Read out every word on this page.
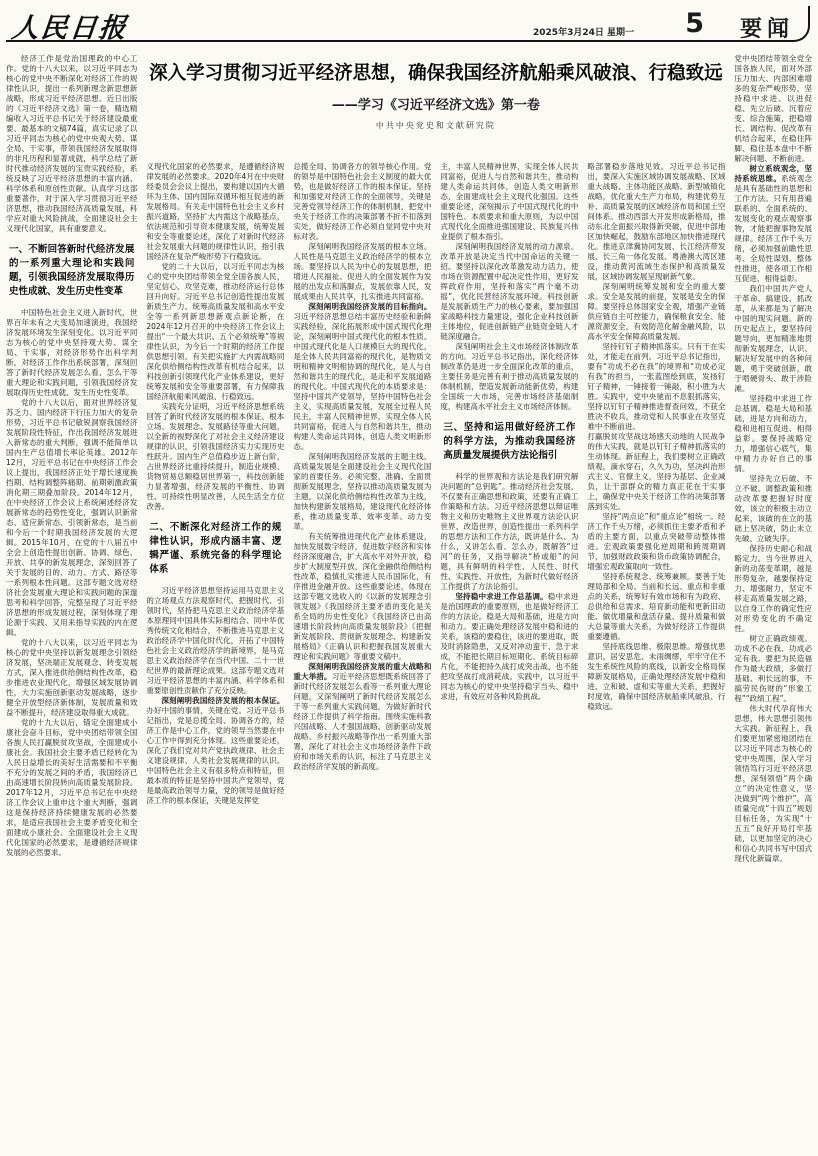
人民日报	2025年3月24日 星期一 5 要闻

经济工作是党治国理政的中心工作。党的十八大以来，以习近平同志为核心的党中央不断深化对经济工作的规律性认识，提出一系列新理念新思想新战略，形成习近平经济思想。近日出版的《习近平经济文选》第一卷，精选精编收入习近平总书记关于经济建设最重要、最基本的文稿74篇，真实记录了以习近平同志为核心的党中央观大势、谋全局、干实事，带领我国经济发展取得的非凡历程和显著成就，科学总结了新时代推动经济发展的宝贵实践经验，系统反映了习近平经济思想的丰富内涵、科学体系和原创性贡献。认真学习这部重要著作，对于深入学习贯彻习近平经济思想，推动我国经济高质量发展，科学应对重大风险挑战，全面建设社会主义现代化国家，具有重要意义。

一、不断回答新时代经济发展的一系列重大理论和实践问题，引领我国经济发展取得历史性成就、发生历史性变革

中国特色社会主义进入新时代，世界百年未有之大变局加速演进，我国经济发展环境发生深刻变化。以习近平同志为核心的党中央坚持观大势、谋全局、干实事，对经济形势作出科学判断，对经济工作作出系统部署，深刻回答了新时代经济发展怎么看、怎么干等重大理论和实践问题，引领我国经济发展取得历史性成就、发生历史性变革。

党的十八大以后，面对世界经济复苏乏力、国内经济下行压力加大的复杂形势，习近平总书记敏锐洞察我国经济发展阶段性特征，作出我国经济发展进入新常态的重大判断，强调不能简单以国内生产总值增长率论英雄。2012年12月，习近平总书记在中央经济工作会议上提出，我国经济正处于增长速度换挡期、结构调整阵痛期、前期刺激政策消化期三期叠加阶段。2014年12月，在中央经济工作会议上系统阐述经济发展新常态的趋势性变化，强调认识新常态、适应新常态、引领新常态，是当前和今后一个时期我国经济发展的大逻辑。2015年10月，在党的十八届五中全会上创造性提出创新、协调、绿色、开放、共享的新发展理念，深刻回答了关于发展的目的、动力、方式、路径等一系列根本性问题。这部专题文选对经济社会发展重大理论和实践问题的深邃思考和科学回答，完整呈现了习近平经济思想的形成发展过程，深刻体现了理论源于实践、又用来指导实践的内在逻辑。

党的十八大以来，以习近平同志为核心的党中央坚持以新发展理念引领经济发展，坚决端正发展观念、转变发展方式，深入推进供给侧结构性改革，稳步推进农业现代化，增强区域发展协调性，大力实施创新驱动发展战略，逐步健全开放型经济新体制，发展质量和效益不断提升，经济建设取得重大成就。

党的十九大以后，锚定全面建成小康社会奋斗目标，党中央团结带领全国各族人民打赢脱贫攻坚战，全面建成小康社会。我国社会主要矛盾已经转化为人民日益增长的美好生活需要和不平衡不充分的发展之间的矛盾，我国经济已由高速增长阶段转向高质量发展阶段。2017年12月，习近平总书记在中央经济工作会议上重申这个重大判断，强调这是保持经济持续健康发展的必然要求，是适应我国社会主要矛盾变化和全面建成小康社会、全面建设社会主义现代化国家的必然要求，是遵循经济规律发展的必然要求。

深入学习贯彻习近平经济思想，确保我国经济航船乘风破浪、行稳致远
——学习《习近平经济文选》第一卷
中共中央党史和文献研究院

义现代化国家的必然要求，是遵循经济规律发展的必然要求。2020年4月在中央财经委员会会议上提出，要构建以国内大循环为主体、国内国际双循环相互促进的新发展格局。有关走中国特色社会主义乡村振兴道路，坚持扩大内需这个战略基点，依法规范和引导资本健康发展，统筹发展和安全等重要论述，深化了对新时代经济社会发展重大问题的规律性认识，指引我国经济在复杂严峻形势下行稳致远。

党的二十大以后，以习近平同志为核心的党中央团结带领全党全国各族人民，坚定信心、攻坚克难，推动经济运行总体回升向好。习近平总书记创造性提出发展新质生产力、统筹高质量发展和高水平安全等一系列新思想新观点新论断，在2024年12月召开的中央经济工作会议上提出“一个最大共识、五个必须统筹”等规律性认识，为今后一个时期的经济工作提供思想引领。有关把实施扩大内需战略同深化供给侧结构性改革有机结合起来，以科技创新引领现代化产业体系建设，更好统筹发展和安全等重要部署，有力保障我国经济航船乘风破浪、行稳致远。

实践充分证明，习近平经济思想系统回答了新时代经济发展的根本保证、根本立场、发展理念、发展路径等重大问题，以全新的视野深化了对社会主义经济建设规律的认识，引领我国经济实力实现历史性跃升。国内生产总值稳步迈上新台阶，占世界经济比重持续提升，制造业规模、货物贸易总额稳居世界第一，科技创新能力显著增强，经济发展的平衡性、协调性、可持续性明显改善，人民生活全方位改善。

二、不断深化对经济工作的规律性认识，形成内涵丰富、逻辑严谨、系统完备的科学理论体系

习近平经济思想坚持运用马克思主义的立场观点方法观察时代、把握时代、引领时代，坚持把马克思主义政治经济学基本原理同中国具体实际相结合、同中华优秀传统文化相结合，不断推进马克思主义政治经济学中国化时代化，开拓了中国特色社会主义政治经济学的新境界，是马克思主义政治经济学在当代中国、二十一世纪世界的最新理论成果。这部专题文选对习近平经济思想的丰富内涵、科学体系和重要原创性贡献作了充分反映。

深刻阐明我国经济发展的根本保证。办好中国的事情，关键在党。习近平总书记指出，党是总揽全局、协调各方的，经济工作是中心工作，党的领导当然要在中心工作中得到充分体现。这些重要论述，深化了我们党对共产党执政规律、社会主义建设规律、人类社会发展规律的认识。中国特色社会主义有很多特点和特征，但最本质的特征是坚持中国共产党领导，党是最高政治领导力量，党的领导是做好经济工作的根本保证，关键是发挥党

总揽全局、协调各方的领导核心作用。党的领导是中国特色社会主义制度的最大优势，也是做好经济工作的根本保证。坚持和加强党对经济工作的全面领导，关键是完善党领导经济工作的体制机制，把党中央关于经济工作的决策部署不折不扣落到实处，做好经济工作必须自觉同党中央对标对表。

深刻阐明我国经济发展的根本立场。人民性是马克思主义政治经济学的根本立场。要坚持以人民为中心的发展思想，把增进人民福祉、促进人的全面发展作为发展的出发点和落脚点，发展依靠人民，发展成果由人民共享，扎实推进共同富裕。

深刻阐明我国经济发展的目标指向。习近平经济思想总结丰富历史经验和新鲜实践经验，深化拓展形成中国式现代化理论，深刻阐明中国式现代化的根本性质。中国式现代化是人口规模巨大的现代化，是全体人民共同富裕的现代化，是物质文明和精神文明相协调的现代化，是人与自然和谐共生的现代化，是走和平发展道路的现代化。中国式现代化的本质要求是：坚持中国共产党领导，坚持中国特色社会主义，实现高质量发展，发展全过程人民民主，丰富人民精神世界，实现全体人民共同富裕，促进人与自然和谐共生，推动构建人类命运共同体，创造人类文明新形态。

深刻阐明我国经济发展的主题主线。高质量发展是全面建设社会主义现代化国家的首要任务。必须完整、准确、全面贯彻新发展理念，坚持以推动高质量发展为主题，以深化供给侧结构性改革为主线，加快构建新发展格局，建设现代化经济体系，推动质量变革、效率变革、动力变革。

有关统筹推进现代化产业体系建设，加快发展数字经济，促进数字经济和实体经济深度融合，扩大高水平对外开放，稳步扩大制度型开放，深化金融供给侧结构性改革，稳慎扎实推进人民币国际化，有序推进金融开放。这些重要论述，体现在这部专题文选收入的《以新的发展理念引领发展》《我国经济主要矛盾的变化是关系全局的历史性变化》《我国经济已由高速增长阶段转向高质量发展阶段》《把握新发展阶段、贯彻新发展理念、构建新发展格局》《正确认识和把握我国发展重大理论和实践问题》等重要文稿中。

深刻阐明我国经济发展的重大战略和重大举措。习近平经济思想既系统回答了新时代经济发展怎么看等一系列重大理论问题，又深刻阐明了新时代经济发展怎么干等一系列重大实践问题，为做好新时代经济工作提供了科学指南。围绕实施科教兴国战略、人才强国战略、创新驱动发展战略、乡村振兴战略等作出一系列重大部署，深化了对社会主义市场经济条件下政府和市场关系的认识，标注了马克思主义政治经济学发展的新高度。

主，丰富人民精神世界，实现全体人民共同富裕，促进人与自然和谐共生，推动构建人类命运共同体，创造人类文明新形态，全面建成社会主义现代化强国。这些重要论述，深刻揭示了中国式现代化的中国特色、本质要求和重大原则，为以中国式现代化全面推进强国建设、民族复兴伟业提供了根本指引。

深刻阐明我国经济发展的动力源泉。改革开放是决定当代中国命运的关键一招。要坚持以深化改革激发动力活力，使市场在资源配置中起决定性作用，更好发挥政府作用，坚持和落实“两个毫不动摇”，优化民营经济发展环境。科技创新是发展新质生产力的核心要素，要加强国家战略科技力量建设，强化企业科技创新主体地位，促进创新链产业链资金链人才链深度融合。

深刻阐明社会主义市场经济体制改革的方向。习近平总书记指出，深化经济体制改革仍是进一步全面深化改革的重点，主要任务是完善有利于推动高质量发展的体制机制，塑造发展新动能新优势，构建全国统一大市场，完善市场经济基础制度，构建高水平社会主义市场经济体制。

三、坚持和运用做好经济工作的科学方法，为推动我国经济高质量发展提供方法论指引

科学的世界观和方法论是我们研究解决问题的“总钥匙”。推动经济社会发展，不仅要有正确思想和政策，还要有正确工作策略和方法。习近平经济思想以辩证唯物主义和历史唯物主义世界观方法论认识世界、改造世界，创造性提出一系列科学的思想方法和工作方法，既讲是什么、为什么，又讲怎么看、怎么办，既解答“过河”的任务，又指导解决“桥或船”的问题，具有鲜明的科学性、人民性、时代性、实践性、开放性，为新时代做好经济工作提供了方法论指引。

坚持稳中求进工作总基调。稳中求进是治国理政的重要原则，也是做好经济工作的方法论。稳是大局和基础，进是方向和动力。要正确处理经济发展中稳和进的关系，该稳的要稳住，该进的要进取，既及时消除隐患，又反对冲动蛮干、急于求成，不能把长期目标短期化、系统目标碎片化，不能把持久战打成突击战，也不能把攻坚战打成消耗战。实践中，以习近平同志为核心的党中央坚持稳字当头、稳中求进，有效应对各种风险挑战。

略部署稳步落地见效。习近平总书记指出，要深入实施区域协调发展战略、区域重大战略、主体功能区战略、新型城镇化战略，优化重大生产力布局，构建优势互补、高质量发展的区域经济布局和国土空间体系。推动西部大开发形成新格局，推动东北全面振兴取得新突破，促进中部地区加快崛起，鼓励东部地区加快推进现代化。推进京津冀协同发展、长江经济带发展、长三角一体化发展、粤港澳大湾区建设，推动黄河流域生态保护和高质量发展，区域协调发展呈现崭新气象。

深刻阐明统筹发展和安全的重大要求。安全是发展的前提，发展是安全的保障。要坚持总体国家安全观，增强产业链供应链自主可控能力，确保粮食安全、能源资源安全，有效防范化解金融风险，以高水平安全保障高质量发展。

坚持钉钉子精神抓落实。只有干在实处，才能走在前列。习近平总书记指出，要有“功成不必在我”的境界和“功成必定有我”的担当，一张蓝图绘到底，发扬钉钉子精神，一锤接着一锤敲，积小胜为大胜。实践中，党中央驰而不息狠抓落实，坚持以钉钉子精神推进督查问效，不获全胜决不收兵，推动党和人民事业在攻坚克难中不断前进。

打赢脱贫攻坚战这场感天动地的人民战争的伟大实践，就是以钉钉子精神抓落实的生动体现。新征程上，我们要树立正确政绩观，滴水穿石，久久为功，坚决纠治形式主义、官僚主义，坚持为基层、企业减负，让干部群众的精力真正花在干实事上，确保党中央关于经济工作的决策部署落到实处。

坚持“两点论”和“重点论”相统一。经济工作千头万绪，必须抓住主要矛盾和矛盾的主要方面，以重点突破带动整体推进。宏观政策要强化逆周期和跨周期调节，加强财政政策和货币政策协调配合，增强宏观政策取向一致性。

坚持系统观念、统筹兼顾。要善于处理局部和全局、当前和长远、重点和非重点的关系，统筹好有效市场和有为政府、总供给和总需求、培育新动能和更新旧动能、做优增量和盘活存量、提升质量和做大总量等重大关系，为做好经济工作提供重要遵循。

坚持底线思维、极限思维。增强忧患意识，居安思危、未雨绸缪，牢牢守住不发生系统性风险的底线，以新安全格局保障新发展格局，正确处理经济发展中稳和进、立和破、虚和实等重大关系，把握好时度效，确保中国经济航船乘风破浪、行稳致远。

党中央团结带领全党全国各族人民，面对外部压力加大、内部困难增多的复杂严峻形势，坚持稳中求进、以进促稳、先立后破、沉着应变、综合施策，把稳增长、调结构、促改革有机结合起来，在稳住阵脚、稳住基本盘中不断解决问题、不断前进。

树立系统观念，坚持系统思维。系统观念是具有基础性的思想和工作方法。只有用普遍联系的、全面系统的、发展变化的观点观察事物，才能把握事物发展规律。经济工作千头万绪，必须加强前瞻性思考、全局性谋划、整体性推进，使各项工作相互促进、相得益彰。

我们中国共产党人干革命、搞建设、抓改革，从来都是为了解决中国的现实问题。新的历史起点上，要坚持问题导向，更加精准地贯彻新发展理念，认识、解决好发展中的各种问题，勇于突破创新，敢于啃硬骨头、敢于涉险滩。

坚持稳中求进工作总基调。稳是大局和基础，进是方向和动力，稳和进相互促进、相得益彰。要保持战略定力，增强信心底气，集中精力办好自己的事情。

坚持先立后破、不立不破。调整政策和推动改革要把握好时度效，该立的积极主动立起来，该破的在立的基础上坚决破，防止未立先破、立破失序。

保持历史耐心和战略定力。当今世界进入新的动荡变革期，越是形势复杂，越要保持定力、增强耐力，坚定不移走高质量发展之路，以自身工作的确定性应对形势变化的不确定性。

树立正确政绩观。功成不必在我、功成必定有我。要把为民造福作为最大政绩，多做打基础、利长远的事，不搞劳民伤财的“形象工程”“政绩工程”。

伟大时代孕育伟大思想，伟大思想引领伟大实践。新征程上，我们要更加紧密地团结在以习近平同志为核心的党中央周围，深入学习领悟笃行习近平经济思想，深刻领悟“两个确立”的决定性意义，坚决做到“两个维护”，高质量完成“十四五”规划目标任务，为实现“十五五”良好开局打牢基础，以更加坚定的决心和信心共同书写中国式现代化新篇章。
